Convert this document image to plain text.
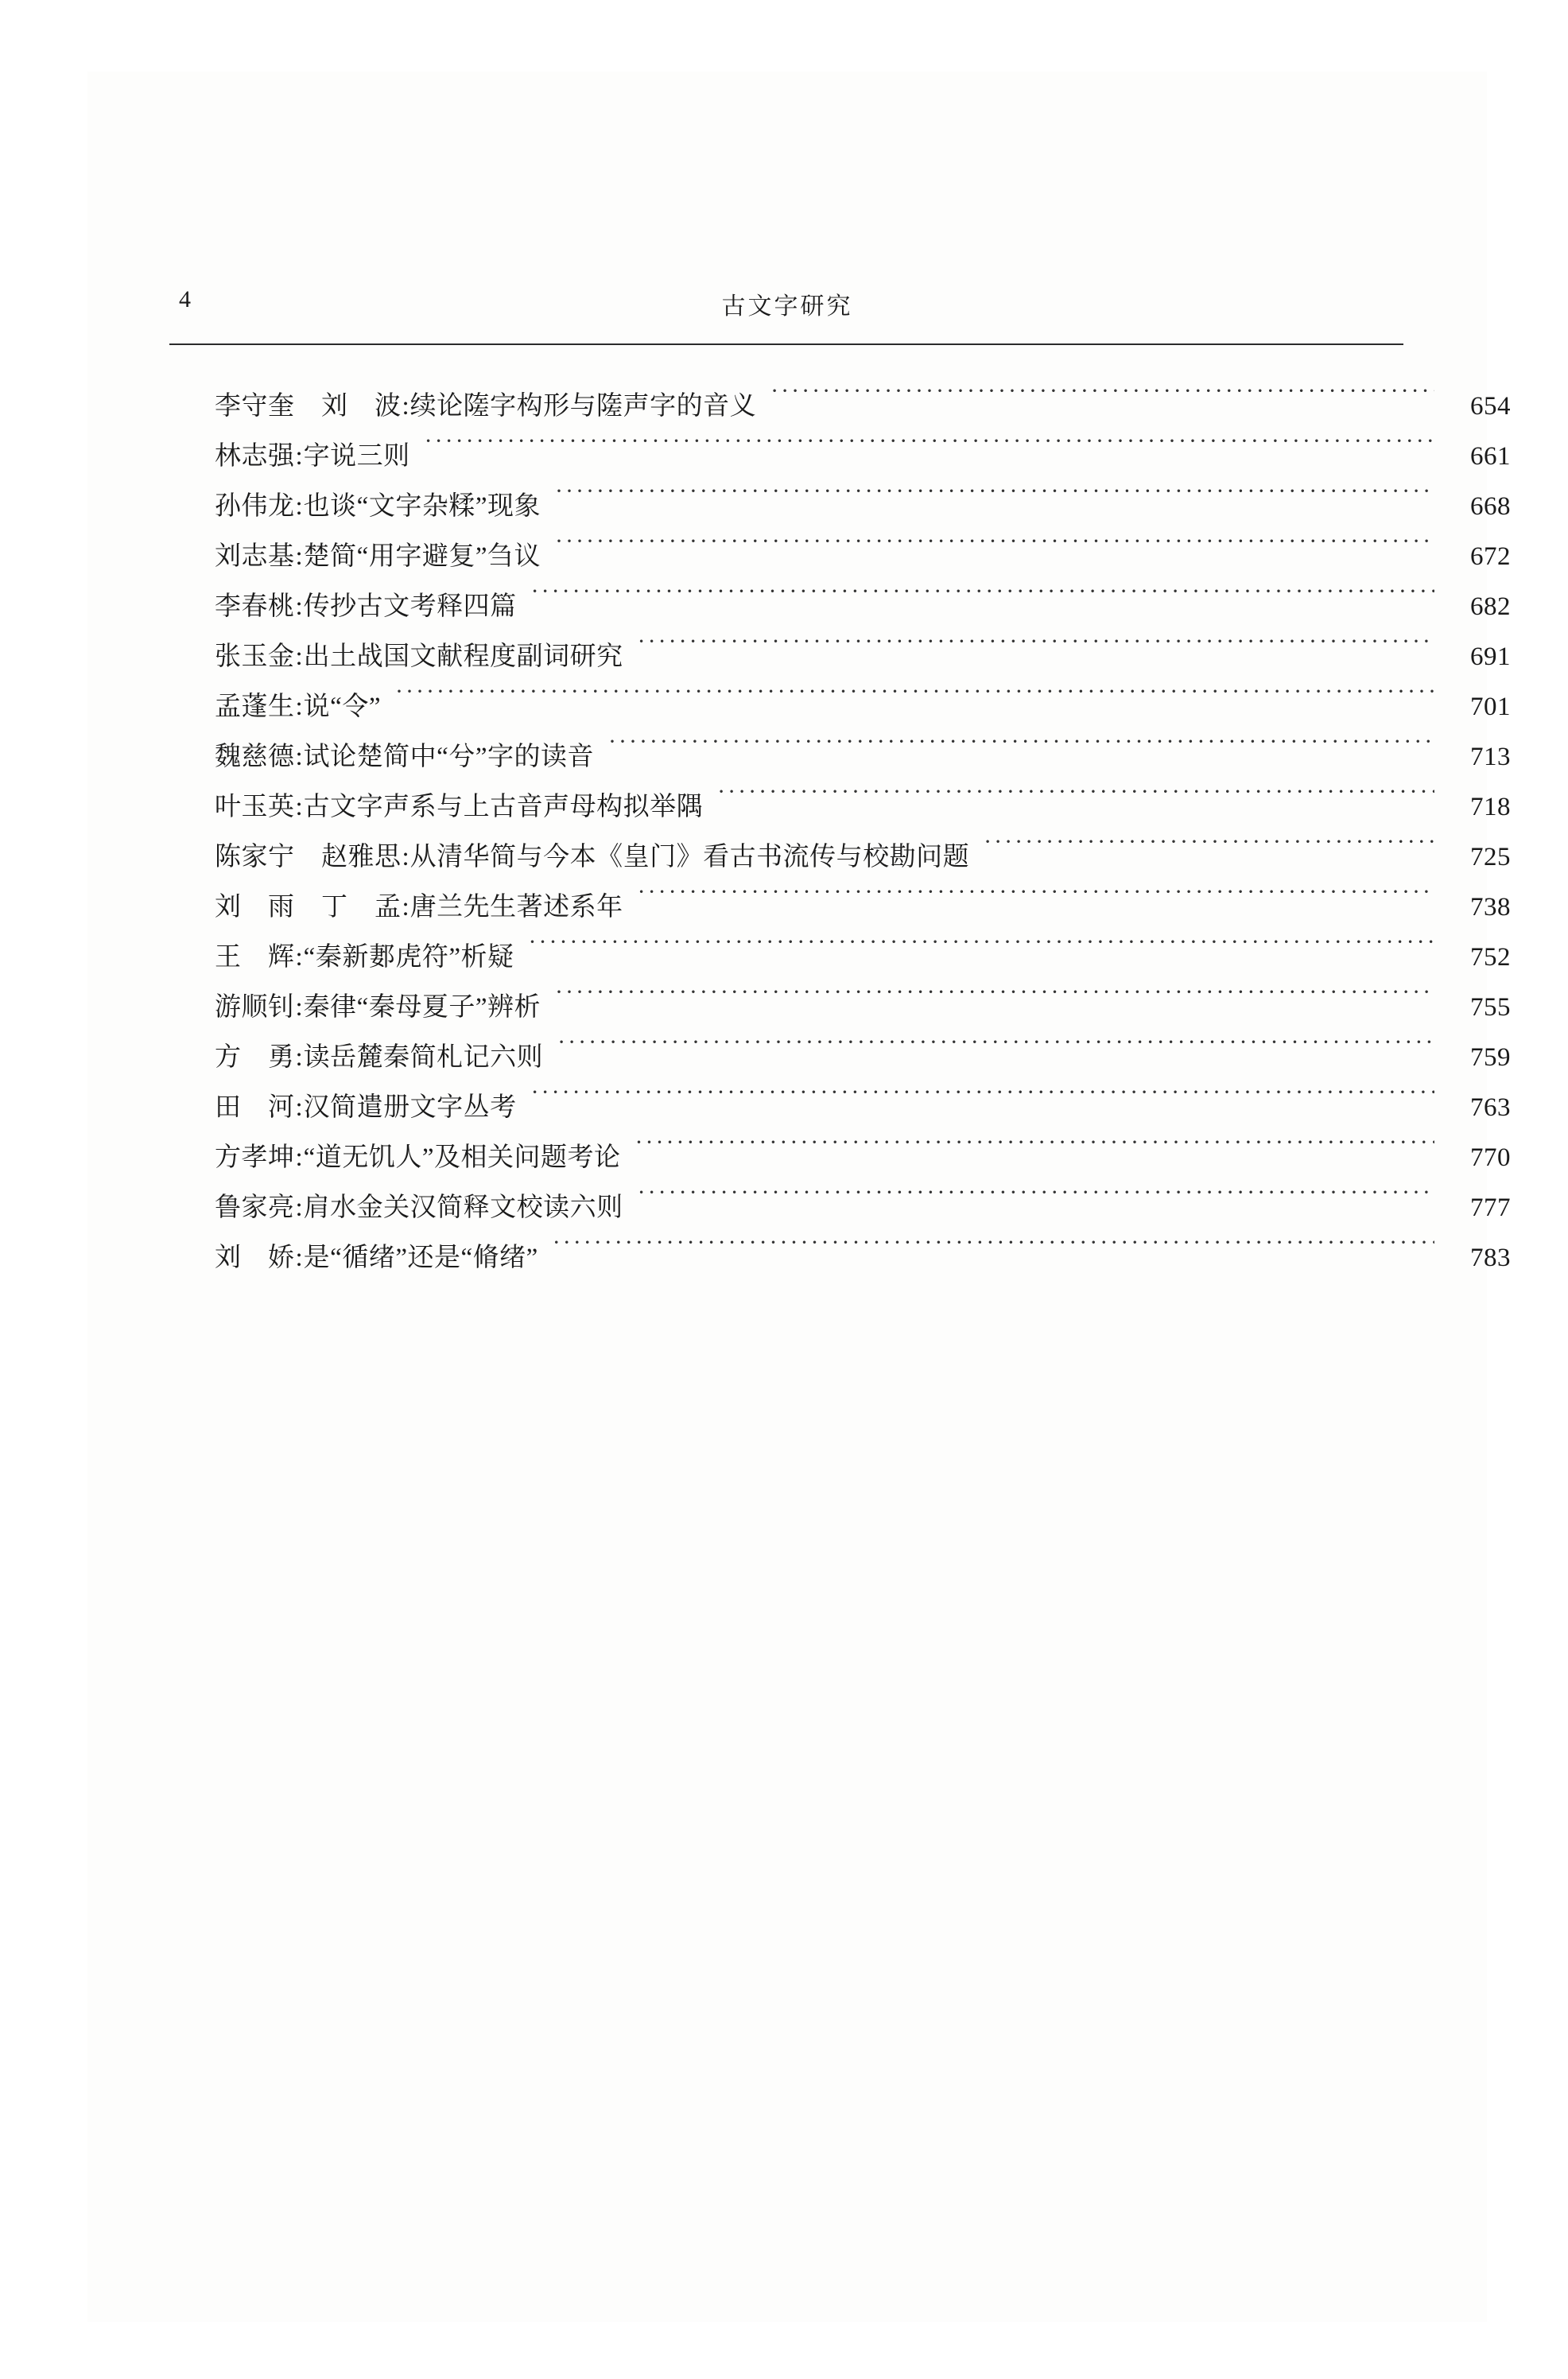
4	古文字研究
李守奎　刘　波 : 续论隓字构形与隓声字的音义 ·····	654
林志强 : 字说三则 ·····	661
孙伟龙 : 也谈“文字杂糅”现象 ·····	668
刘志基 : 楚简“用字避复”刍议 ·····	672
李春桃 : 传抄古文考释四篇 ·····	682
张玉金 : 出土战国文献程度副词研究 ·····	691
孟蓬生 : 说“令” ·····	701
魏慈德 : 试论楚简中“兮”字的读音 ·····	713
叶玉英 : 古文字声系与上古音声母构拟举隅 ·····	718
陈家宁　赵雅思 : 从清华简与今本《皇门》看古书流传与校勘问题 ·····	725
刘　雨　丁　孟 : 唐兰先生著述系年 ·····	738
王　辉 : “秦新郪虎符”析疑 ·····	752
游顺钊 : 秦律“秦母夏子”辨析 ·····	755
方　勇 : 读岳麓秦简札记六则 ·····	759
田　河 : 汉简遣册文字丛考 ·····	763
方孝坤 : “道无饥人”及相关问题考论 ·····	770
鲁家亮 : 肩水金关汉简释文校读六则 ·····	777
刘　娇 : 是“循绪”还是“脩绪” ·····	783
